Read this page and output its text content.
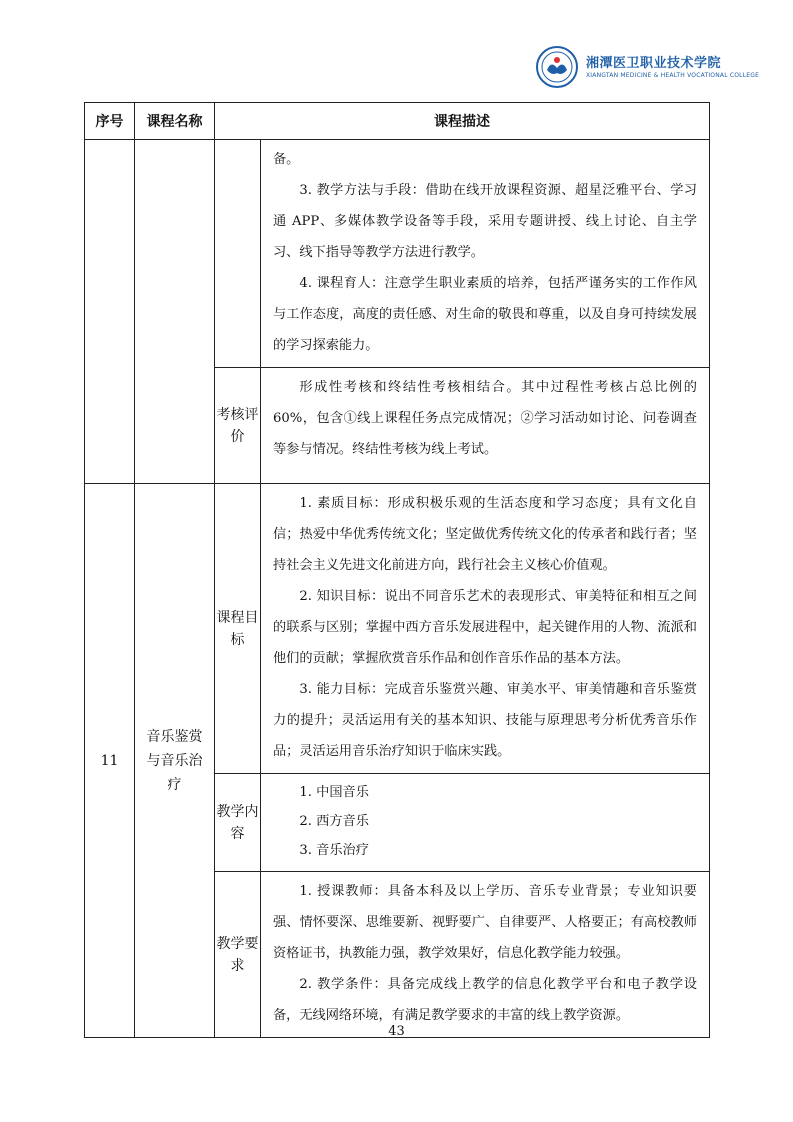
湘潭医卫职业技术学院
XIANGTAN MEDICINE & HEALTH VOCATIONAL COLLEGE
序号	课程名称	课程描述	

			备。

3. 教学方法与手段：借助在线开放课程资源、超星泛雅平台、学习通 APP、多媒体教学设备等手段，采用专题讲授、线上讨论、自主学习、线下指导等教学方法进行教学。

4. 课程育人：注意学生职业素质的培养，包括严谨务实的工作作风与工作态度，高度的责任感、对生命的敬畏和尊重，以及自身可持续发展的学习探索能力。

		考核评价	形成性考核和终结性考核相结合。其中过程性考核占总比例的 60%，包含①线上课程任务点完成情况；②学习活动如讨论、问卷调查等参与情况。终结性考核为线上考试。

11	音乐鉴赏与音乐治疗	课程目标	1. 素质目标：形成积极乐观的生活态度和学习态度；具有文化自信；热爱中华优秀传统文化；坚定做优秀传统文化的传承者和践行者；坚持社会主义先进文化前进方向，践行社会主义核心价值观。

2. 知识目标：说出不同音乐艺术的表现形式、审美特征和相互之间的联系与区别；掌握中西方音乐发展进程中，起关键作用的人物、流派和他们的贡献；掌握欣赏音乐作品和创作音乐作品的基本方法。

3. 能力目标：完成音乐鉴赏兴趣、审美水平、审美情趣和音乐鉴赏力的提升；灵活运用有关的基本知识、技能与原理思考分析优秀音乐作品；灵活运用音乐治疗知识于临床实践。

		教学内容	1. 中国音乐

2. 西方音乐

3. 音乐治疗

		教学要求	1. 授课教师：具备本科及以上学历、音乐专业背景；专业知识要强、情怀要深、思维要新、视野要广、自律要严、人格要正；有高校教师资格证书，执教能力强，教学效果好，信息化教学能力较强。

2. 教学条件：具备完成线上教学的信息化教学平台和电子教学设备，无线网络环境，有满足教学要求的丰富的线上教学资源。

43
